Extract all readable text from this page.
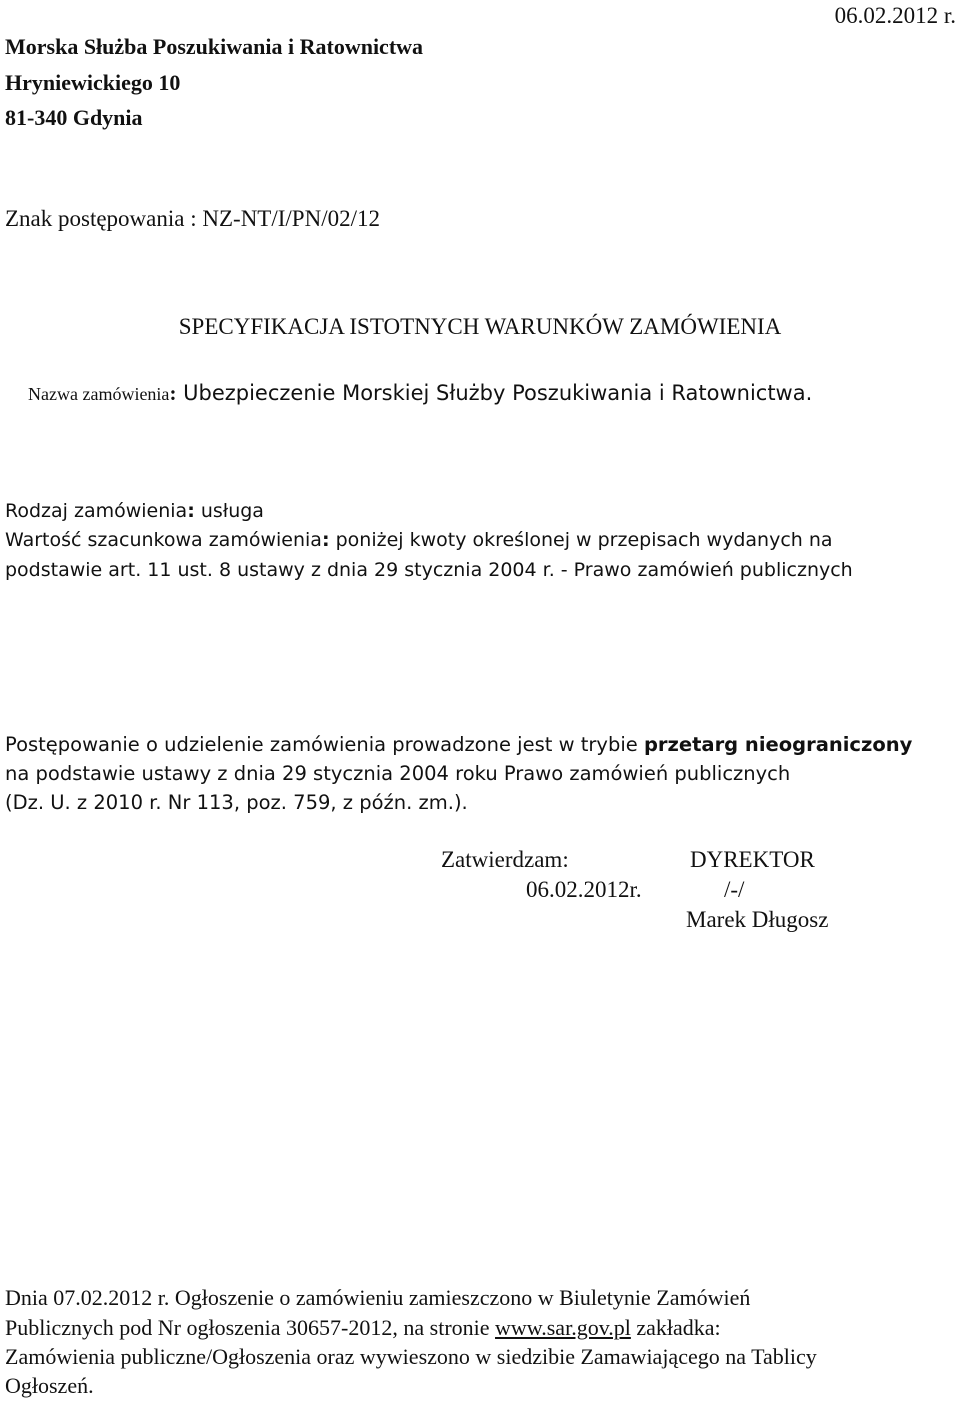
Morska Służba Poszukiwania i Ratownictwa
Hryniewickiego 10
81-340 Gdynia
06.02.2012 r.
Znak postępowania : NZ-NT/I/PN/02/12
SPECYFIKACJA ISTOTNYCH WARUNKÓW ZAMÓWIENIA
Nazwa zamówienia: Ubezpieczenie Morskiej Służby Poszukiwania i Ratownictwa.
Rodzaj zamówienia: usługa
Wartość szacunkowa zamówienia: poniżej kwoty określonej w przepisach wydanych na
podstawie art. 11 ust. 8 ustawy z dnia 29 stycznia 2004 r. - Prawo zamówień publicznych
Postępowanie o udzielenie zamówienia prowadzone jest w trybie przetarg nieograniczony
na podstawie ustawy z dnia 29 stycznia 2004 roku Prawo zamówień publicznych
(Dz. U. z 2010 r. Nr 113, poz. 759, z późn. zm.).
Zatwierdzam:
06.02.2012r.
DYREKTOR
/-/
Marek Długosz
Dnia 07.02.2012 r. Ogłoszenie o zamówieniu zamieszczono w Biuletynie Zamówień
Publicznych pod Nr ogłoszenia 30657-2012, na stronie www.sar.gov.pl zakładka:
Zamówienia publiczne/Ogłoszenia oraz wywieszono w siedzibie Zamawiającego na Tablicy
Ogłoszeń.
